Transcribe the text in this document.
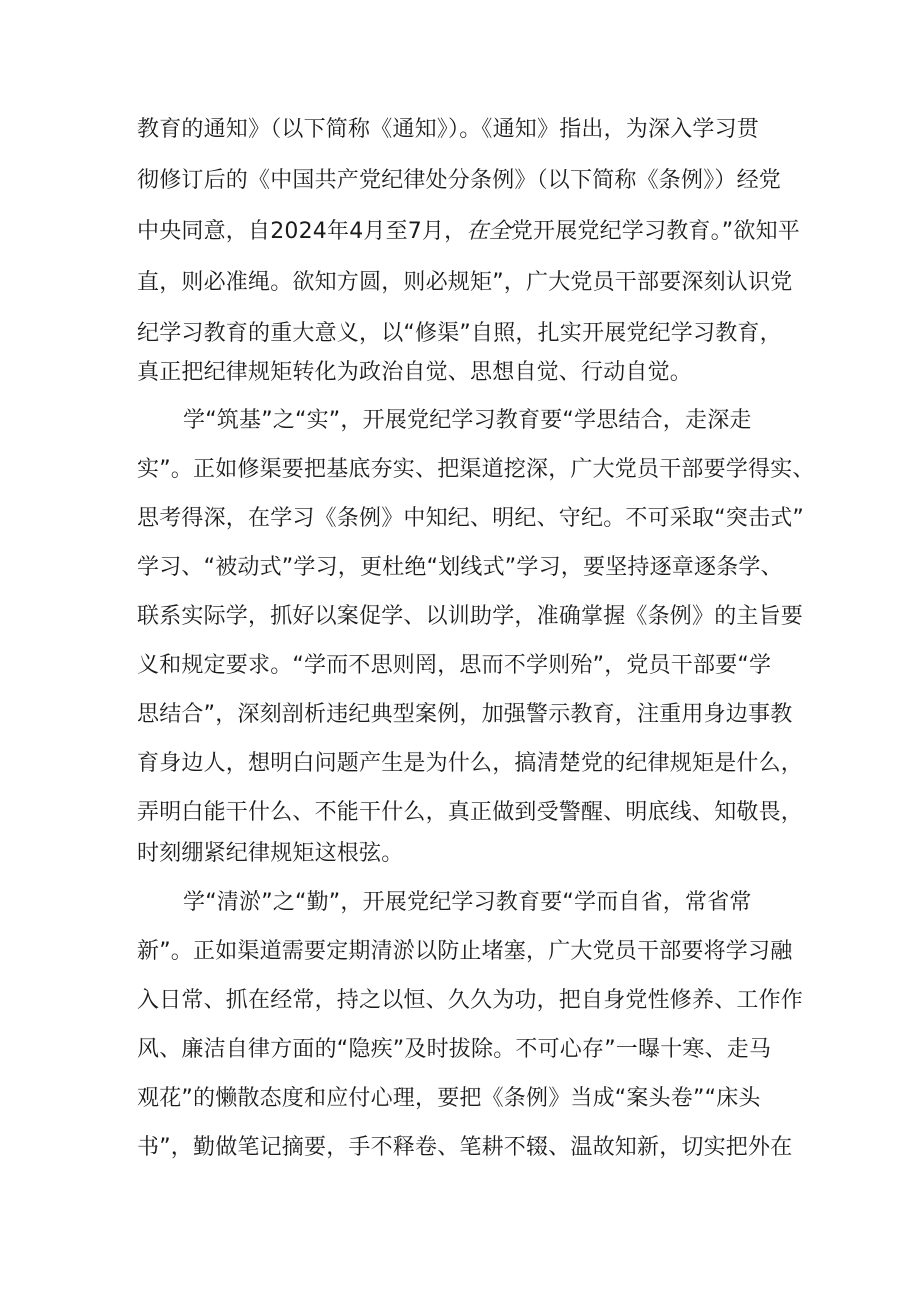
教育的通知》（以下简称《通知》）。《通知》指出，为深入学习贯
彻修订后的《中国共产党纪律处分条例》（以下简称《条例》）经党
中央同意，自2024年4月至7月，在全党开展党纪学习教育。”欲知平
直，则必准绳。欲知方圆，则必规矩”，广大党员干部要深刻认识党
纪学习教育的重大意义，以“修渠”自照，扎实开展党纪学习教育，
真正把纪律规矩转化为政治自觉、思想自觉、行动自觉。
学“筑基”之“实”，开展党纪学习教育要“学思结合，走深走
实”。正如修渠要把基底夯实、把渠道挖深，广大党员干部要学得实、
思考得深，在学习《条例》中知纪、明纪、守纪。不可采取“突击式”
学习、“被动式”学习，更杜绝“划线式”学习，要坚持逐章逐条学、
联系实际学，抓好以案促学、以训助学，准确掌握《条例》的主旨要
义和规定要求。“学而不思则罔，思而不学则殆”，党员干部要“学
思结合”，深刻剖析违纪典型案例，加强警示教育，注重用身边事教
育身边人，想明白问题产生是为什么，搞清楚党的纪律规矩是什么，
弄明白能干什么、不能干什么，真正做到受警醒、明底线、知敬畏，
时刻绷紧纪律规矩这根弦。
学“清淤”之“勤”，开展党纪学习教育要“学而自省，常省常
新”。正如渠道需要定期清淤以防止堵塞，广大党员干部要将学习融
入日常、抓在经常，持之以恒、久久为功，把自身党性修养、工作作
风、廉洁自律方面的“隐疾”及时拔除。不可心存”一曝十寒、走马
观花”的懒散态度和应付心理，要把《条例》当成“案头卷”“床头
书”，勤做笔记摘要，手不释卷、笔耕不辍、温故知新，切实把外在
